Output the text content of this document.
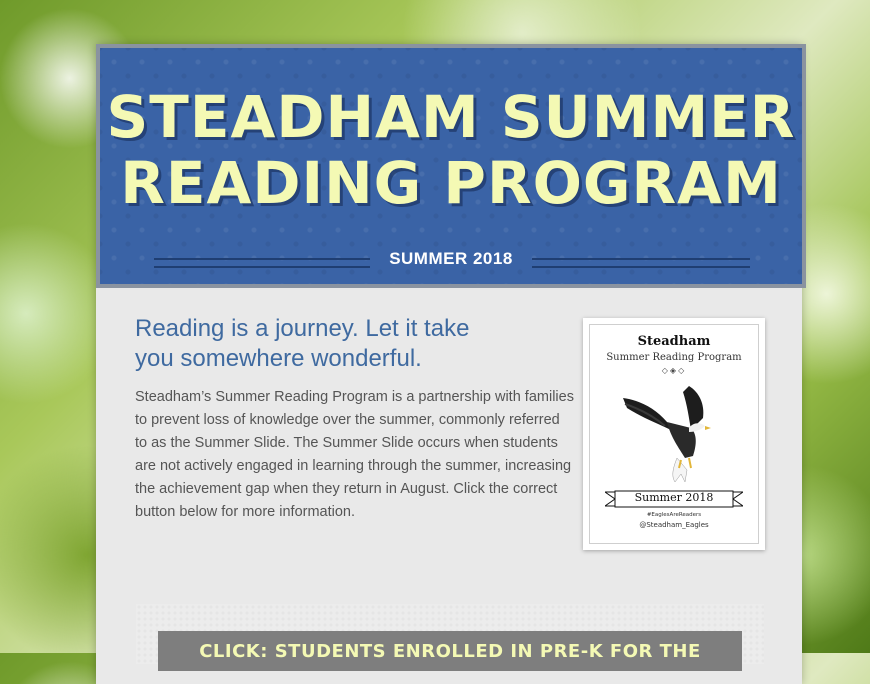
STEADHAM SUMMER
READING PROGRAM
SUMMER 2018
Reading is a journey. Let it take
you somewhere wonderful.
Steadham’s Summer Reading Program is a partnership with families to prevent loss of knowledge over the summer, commonly referred to as the Summer Slide. The Summer Slide occurs when students are not actively engaged in learning through the summer, increasing the achievement gap when they return in August. Click the correct button below for more information.
Steadham
Summer Reading Program
◇◈◇
Summer 2018
#EaglesAreReaders
@Steadham_Eagles
CLICK: STUDENTS ENROLLED IN PRE-K FOR THE
